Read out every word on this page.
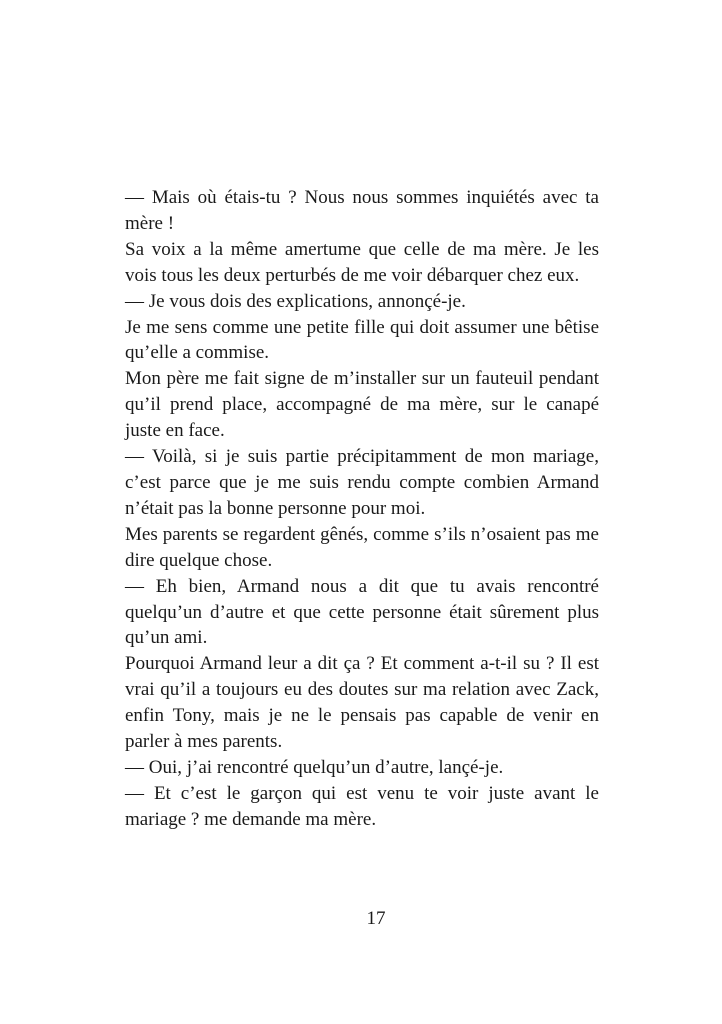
— Mais où étais-tu ? Nous nous sommes inquiétés avec ta mère !

Sa voix a la même amertume que celle de ma mère. Je les vois tous les deux perturbés de me voir débarquer chez eux.

— Je vous dois des explications, annonçé-je.

Je me sens comme une petite fille qui doit assumer une bêtise qu’elle a commise.

Mon père me fait signe de m’installer sur un fauteuil pendant qu’il prend place, accompagné de ma mère, sur le canapé juste en face.

— Voilà, si je suis partie précipitamment de mon mariage, c’est parce que je me suis rendu compte combien Armand n’était pas la bonne personne pour moi.

Mes parents se regardent gênés, comme s’ils n’osaient pas me dire quelque chose.

— Eh bien, Armand nous a dit que tu avais rencontré quelqu’un d’autre et que cette personne était sûrement plus qu’un ami.

Pourquoi Armand leur a dit ça ? Et comment a-t-il su ? Il est vrai qu’il a toujours eu des doutes sur ma relation avec Zack, enfin Tony, mais je ne le pensais pas capable de venir en parler à mes parents.

— Oui, j’ai rencontré quelqu’un d’autre, lançé-je.

— Et c’est le garçon qui est venu te voir juste avant le mariage ? me demande ma mère.

17
